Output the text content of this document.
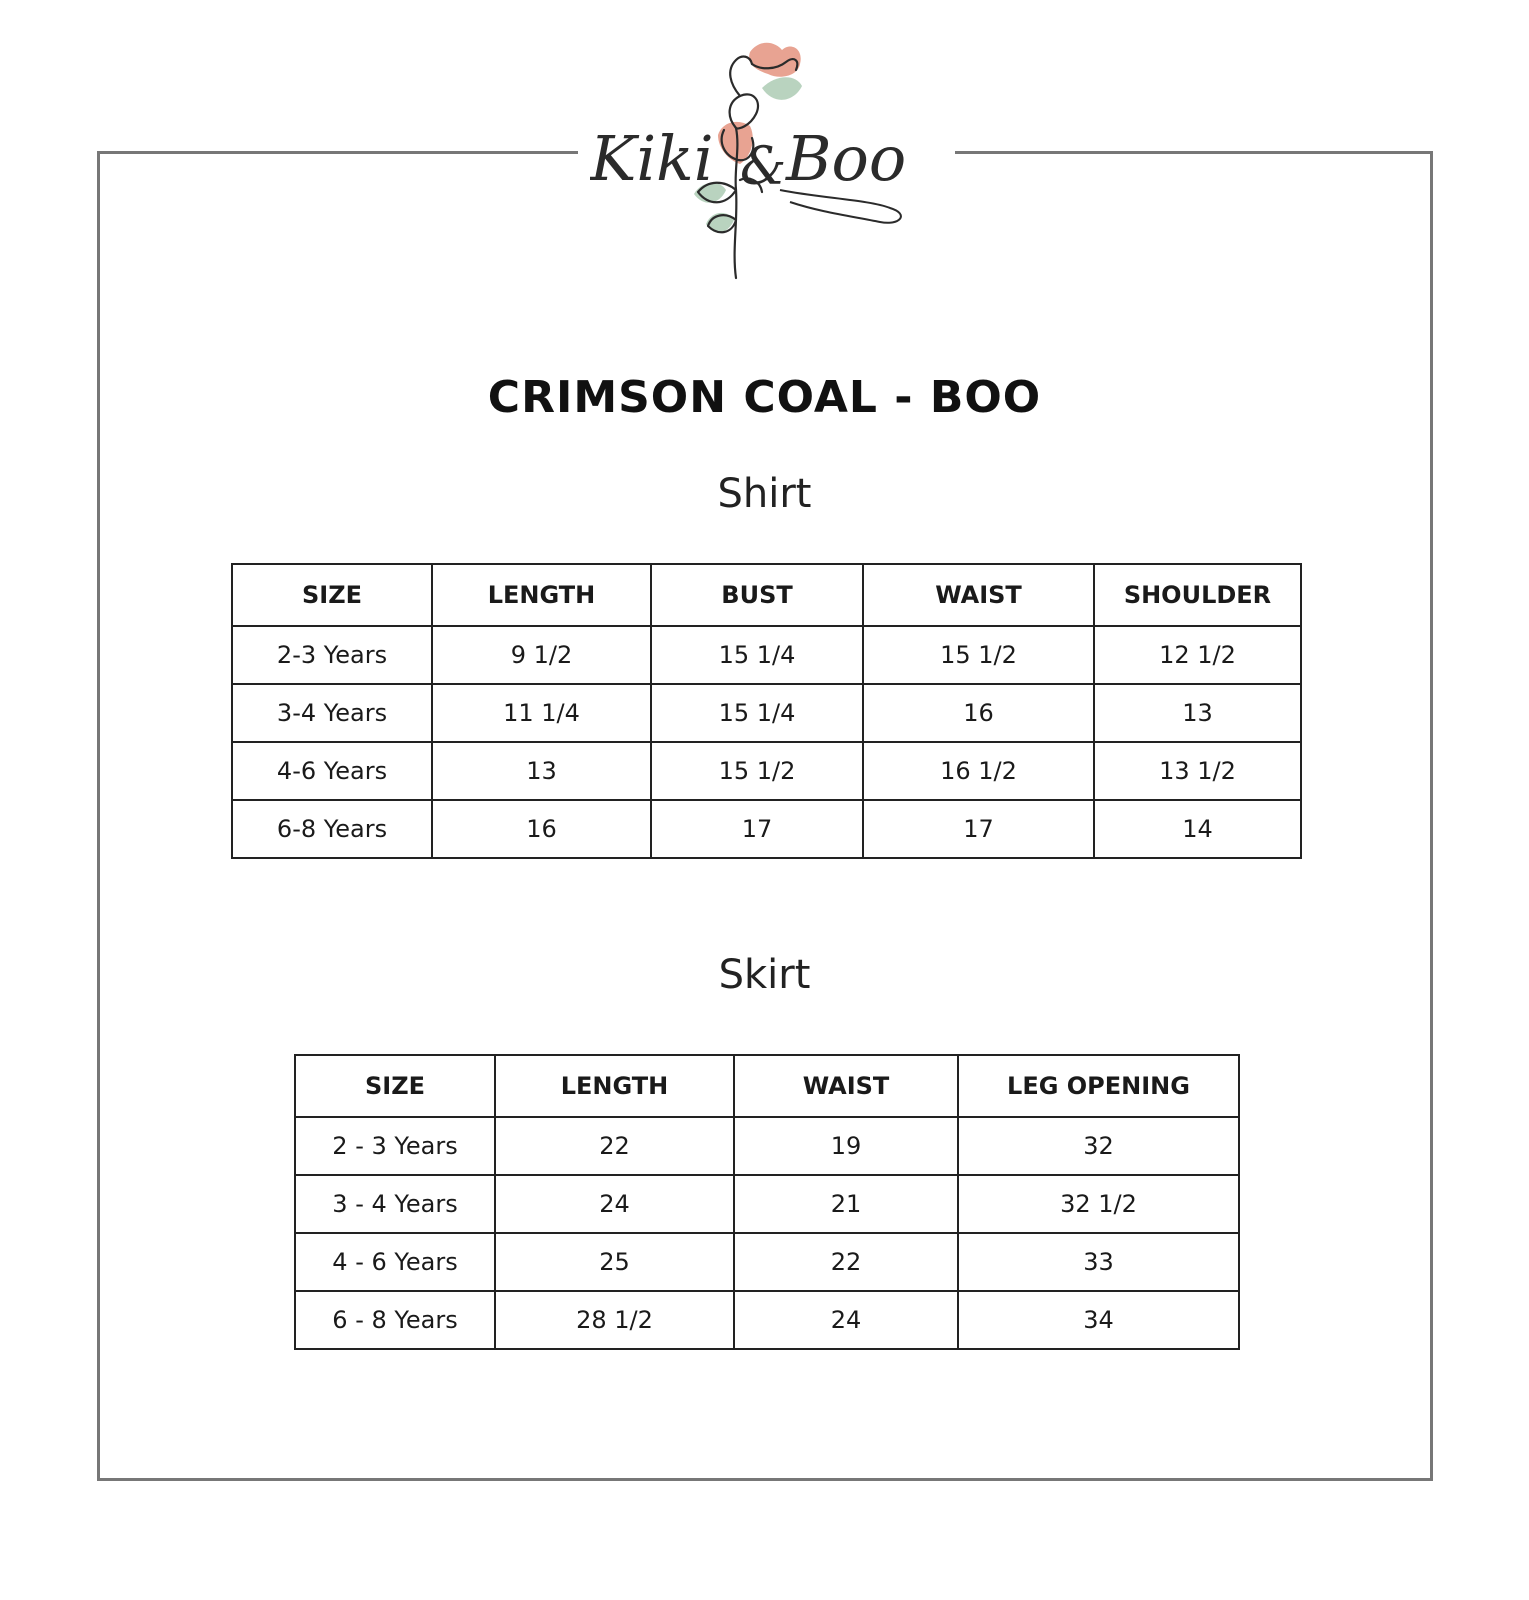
Kiki & Boo
CRIMSON COAL - BOO
Shirt
SIZE	LENGTH	BUST	WAIST	SHOULDER
2-3 Years	9 1/2	15 1/4	15 1/2	12 1/2
3-4 Years	11 1/4	15 1/4	16	13
4-6 Years	13	15 1/2	16 1/2	13 1/2
6-8 Years	16	17	17	14
Skirt
SIZE	LENGTH	WAIST	LEG OPENING
2 - 3 Years	22	19	32
3 - 4 Years	24	21	32 1/2
4 - 6 Years	25	22	33
6 - 8 Years	28 1/2	24	34
